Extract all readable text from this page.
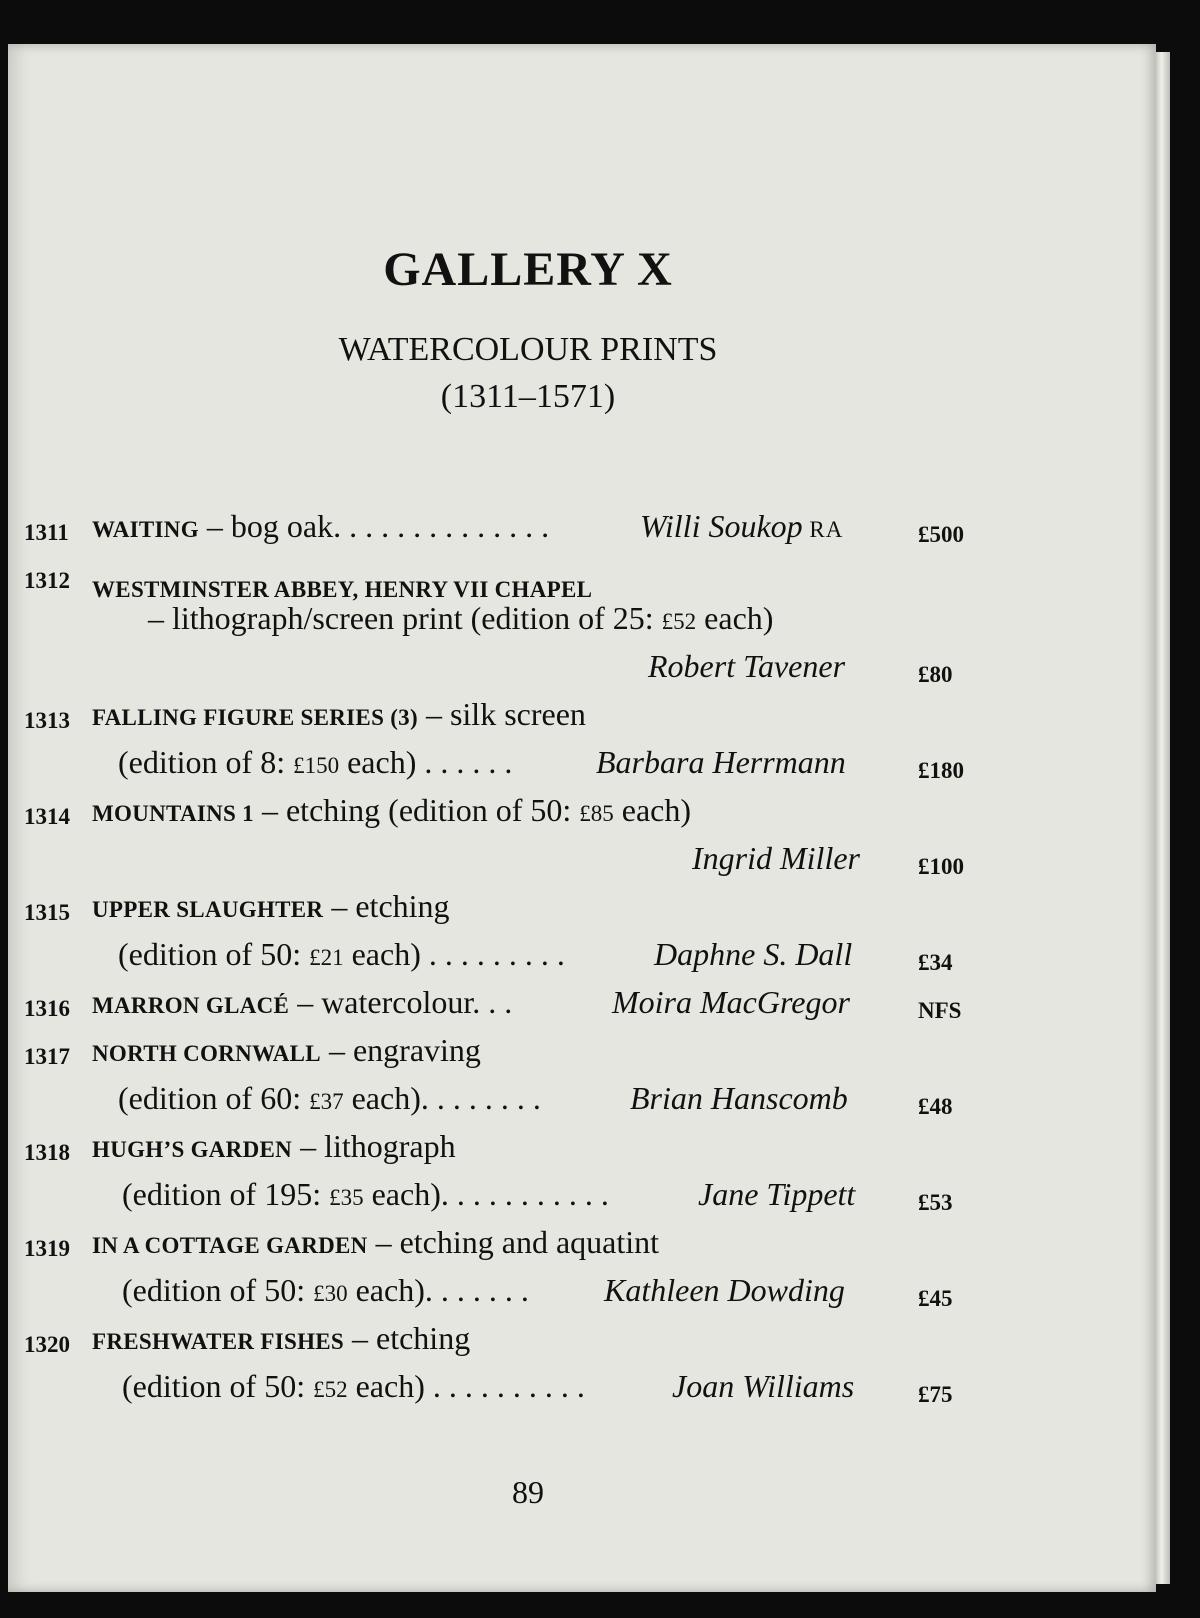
GALLERY X
WATERCOLOUR PRINTS
(1311–1571)
1311 WAITING – bog oak. . . . . . . . . . . . . .	Willi Soukop RA	£500
1312 WESTMINSTER ABBEY, HENRY VII CHAPEL
– lithograph/screen print (edition of 25: £52 each)
Robert Tavener	£80
1313 FALLING FIGURE SERIES (3) – silk screen
(edition of 8: £150 each) . . . . . .	Barbara Herrmann	£180
1314 MOUNTAINS 1 – etching (edition of 50: £85 each)
Ingrid Miller	£100
1315 UPPER SLAUGHTER – etching
(edition of 50: £21 each) . . . . . . . . .	Daphne S. Dall	£34
1316 MARRON GLACÉ – watercolour. . .	Moira MacGregor	NFS
1317 NORTH CORNWALL – engraving
(edition of 60: £37 each). . . . . . . .	Brian Hanscomb	£48
1318 HUGH’S GARDEN – lithograph
(edition of 195: £35 each). . . . . . . . . . .	Jane Tippett	£53
1319 IN A COTTAGE GARDEN – etching and aquatint
(edition of 50: £30 each). . . . . . . Kathleen Dowding	£45
1320 FRESHWATER FISHES – etching
(edition of 50: £52 each) . . . . . . . . . .	Joan Williams	£75
89
